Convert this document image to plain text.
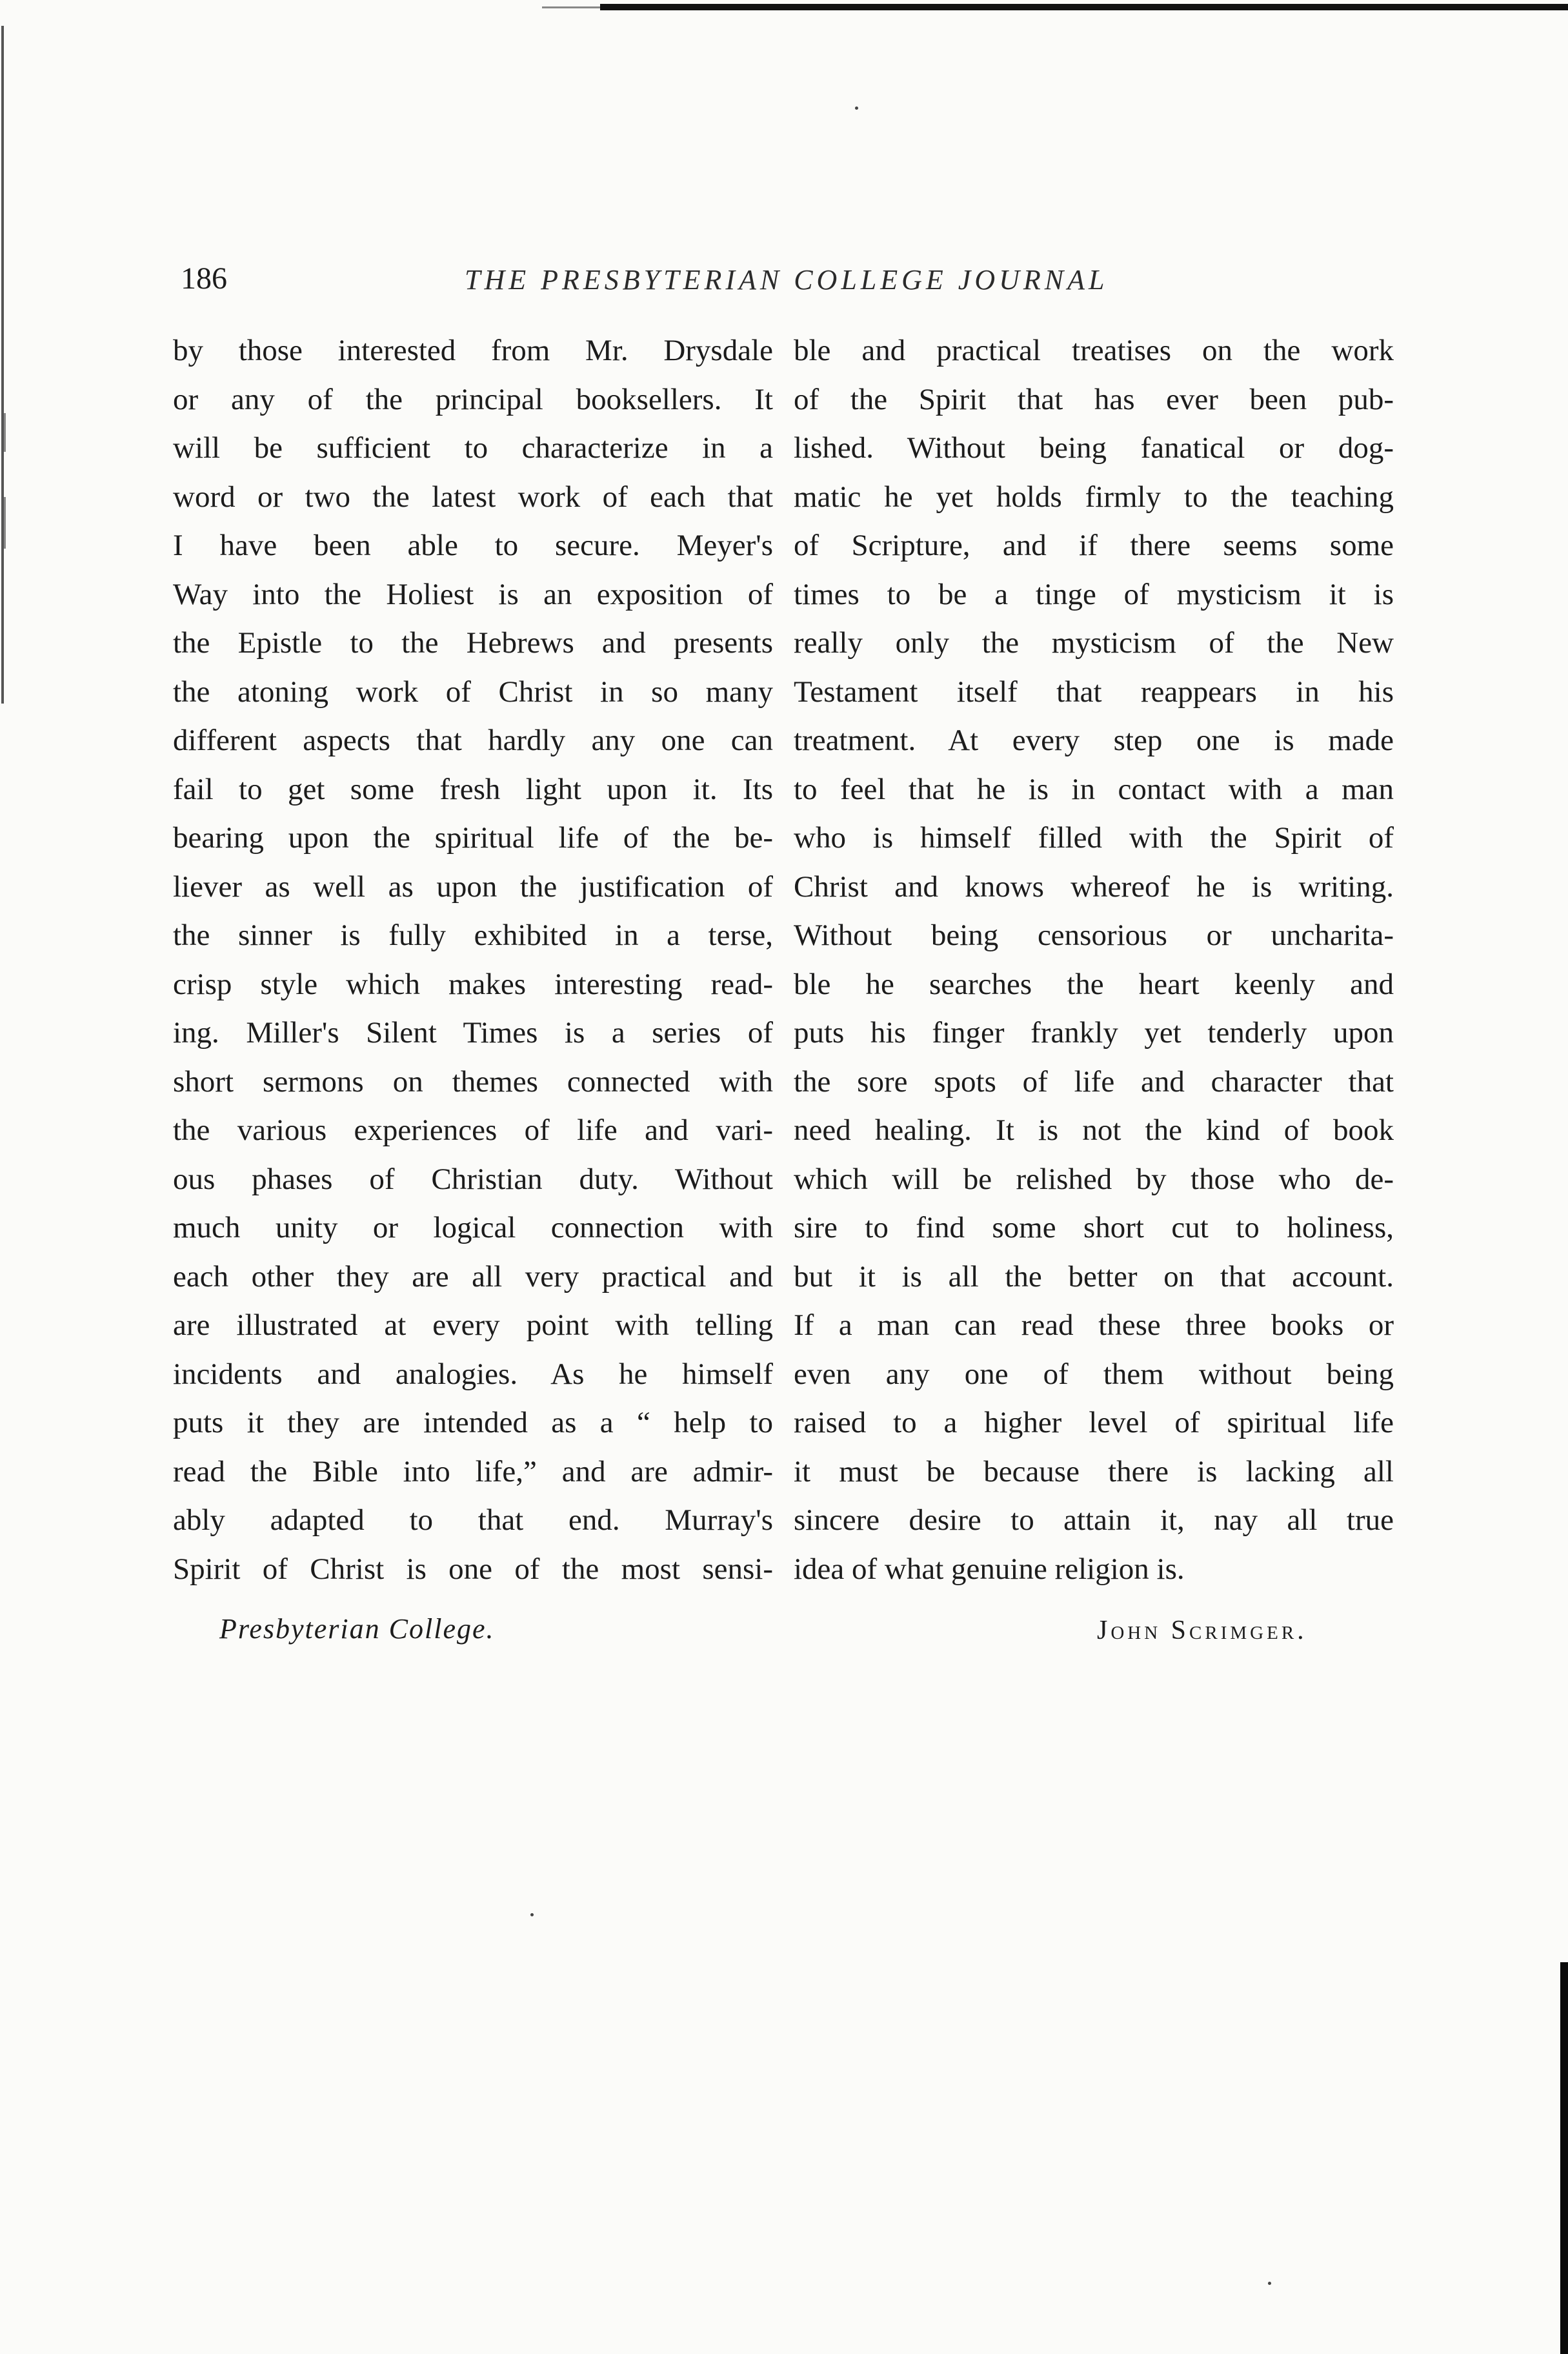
186	THE PRESBYTERIAN COLLEGE JOURNAL
by those interested from Mr. Drysdale
or any of the principal booksellers. It
will be sufficient to characterize in a
word or two the latest work of each that
I have been able to secure. Meyer's
Way into the Holiest is an exposition of
the Epistle to the Hebrews and presents
the atoning work of Christ in so many
different aspects that hardly any one can
fail to get some fresh light upon it. Its
bearing upon the spiritual life of the be-
liever as well as upon the justification of
the sinner is fully exhibited in a terse,
crisp style which makes interesting read-
ing. Miller's Silent Times is a series of
short sermons on themes connected with
the various experiences of life and vari-
ous phases of Christian duty. Without
much unity or logical connection with
each other they are all very practical and
are illustrated at every point with telling
incidents and analogies. As he himself
puts it they are intended as a “ help to
read the Bible into life,” and are admir-
ably adapted to that end. Murray's
Spirit of Christ is one of the most sensi-
ble and practical treatises on the work
of the Spirit that has ever been pub-
lished. Without being fanatical or dog-
matic he yet holds firmly to the teaching
of Scripture, and if there seems some
times to be a tinge of mysticism it is
really only the mysticism of the New
Testament itself that reappears in his
treatment. At every step one is made
to feel that he is in contact with a man
who is himself filled with the Spirit of
Christ and knows whereof he is writing.
Without being censorious or uncharita-
ble he searches the heart keenly and
puts his finger frankly yet tenderly upon
the sore spots of life and character that
need healing. It is not the kind of book
which will be relished by those who de-
sire to find some short cut to holiness,
but it is all the better on that account.
If a man can read these three books or
even any one of them without being
raised to a higher level of spiritual life
it must be because there is lacking all
sincere desire to attain it, nay all true
idea of what genuine religion is.
Presbyterian College.	John Scrimger.
